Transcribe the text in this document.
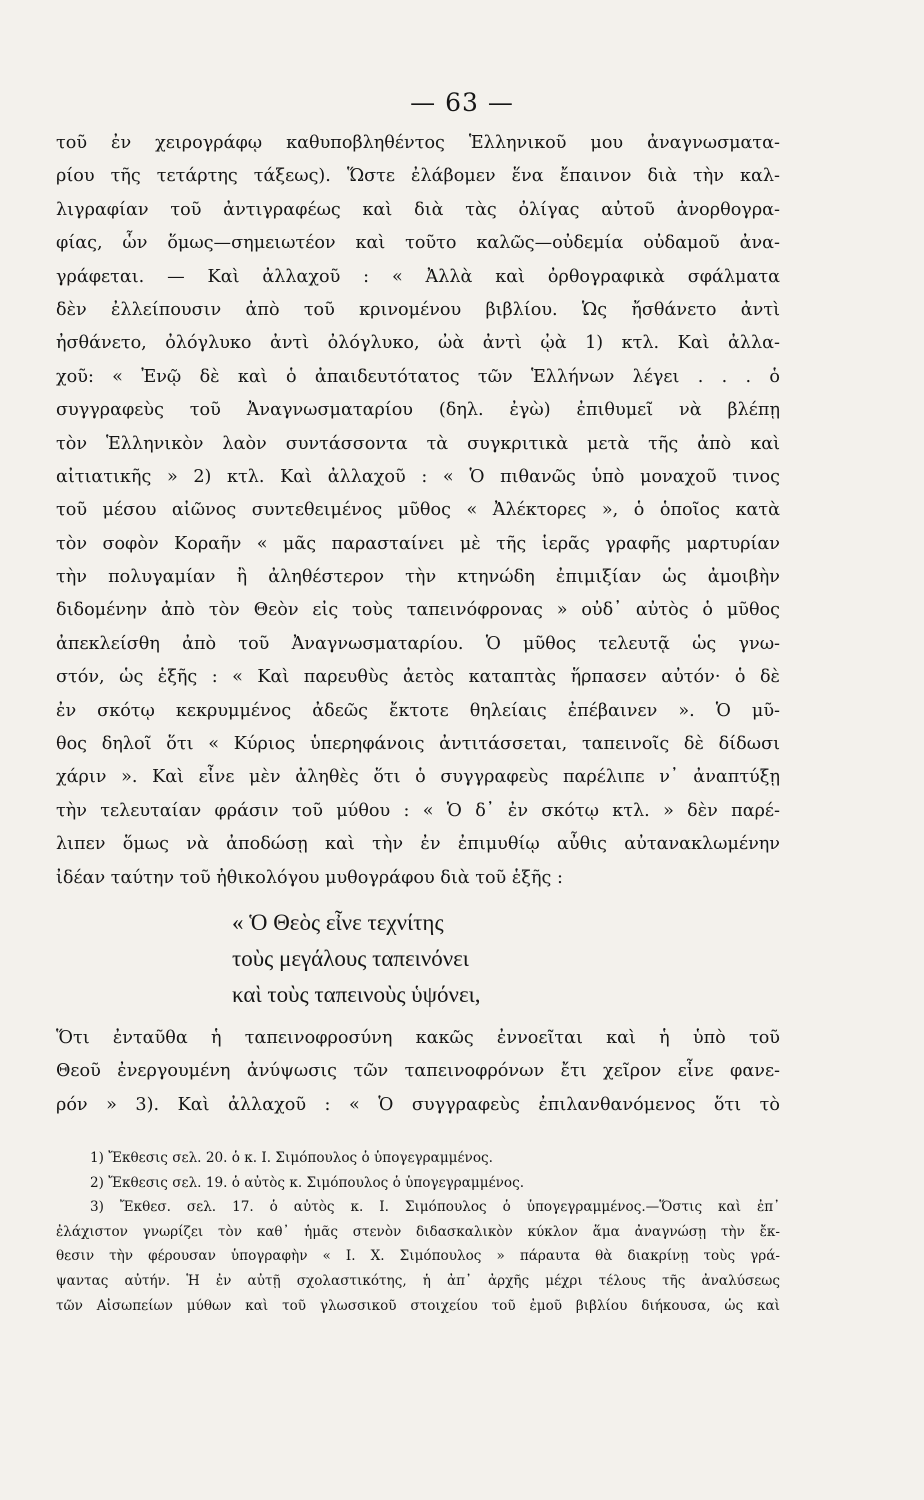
— 63 —
τοῦ ἐν χειρογράφῳ καθυποβληθέντος Ἑλληνικοῦ μου ἀναγνωσματα-
ρίου τῆς τετάρτης τάξεως). Ὥστε ἐλάβομεν ἕνα ἔπαινον διὰ τὴν καλ-
λιγραφίαν τοῦ ἀντιγραφέως καὶ διὰ τὰς ὀλίγας αὐτοῦ ἀνορθογρα-
φίας, ὧν ὅμως—σημειωτέον καὶ τοῦτο καλῶς—οὐδεμία οὐδαμοῦ ἀνα-
γράφεται. — Καὶ ἀλλαχοῦ : « Ἀλλὰ καὶ ὀρθογραφικὰ σφάλματα
δὲν ἐλλείπουσιν ἀπὸ τοῦ κρινομένου βιβλίου. Ὡς ἤσθάνετο ἀντὶ
ἠσθάνετο, ὀλόγλυκο ἀντὶ ὀλόγλυκο, ὠὰ ἀντὶ ᾠὰ 1) κτλ. Καὶ ἀλλα-
χοῦ: « Ἐνῷ δὲ καὶ ὁ ἀπαιδευτότατος τῶν Ἑλλήνων λέγει . . . ὁ
συγγραφεὺς τοῦ Ἀναγνωσματαρίου (δηλ. ἐγὼ) ἐπιθυμεῖ νὰ βλέπῃ
τὸν Ἑλληνικὸν λαὸν συντάσσοντα τὰ συγκριτικὰ μετὰ τῆς ἀπὸ καὶ
αἰτιατικῆς » 2) κτλ. Καὶ ἀλλαχοῦ : « Ὁ πιθανῶς ὑπὸ μοναχοῦ τινος
τοῦ μέσου αἰῶνος συντεθειμένος μῦθος « Ἀλέκτορες », ὁ ὁποῖος κατὰ
τὸν σοφὸν Κοραῆν « μᾶς παρασταίνει μὲ τῆς ἱερᾶς γραφῆς μαρτυρίαν
τὴν πολυγαμίαν ἢ ἀληθέστερον τὴν κτηνώδη ἐπιμιξίαν ὡς ἀμοιβὴν
διδομένην ἀπὸ τὸν Θεὸν εἰς τοὺς ταπεινόφρονας » οὐδ᾽ αὐτὸς ὁ μῦθος
ἀπεκλείσθη ἀπὸ τοῦ Ἀναγνωσματαρίου. Ὁ μῦθος τελευτᾷ ὡς γνω-
στόν, ὡς ἑξῆς : « Καὶ παρευθὺς ἀετὸς καταπτὰς ἥρπασεν αὐτόν· ὁ δὲ
ἐν σκότῳ κεκρυμμένος ἀδεῶς ἔκτοτε θηλείαις ἐπέβαινεν ». Ὁ μῦ-
θος δηλοῖ ὅτι « Κύριος ὑπερηφάνοις ἀντιτάσσεται, ταπεινοῖς δὲ δίδωσι
χάριν ». Καὶ εἶνε μὲν ἀληθὲς ὅτι ὁ συγγραφεὺς παρέλιπε ν᾽ ἀναπτύξῃ
τὴν τελευταίαν φράσιν τοῦ μύθου : « Ὁ δ᾽ ἐν σκότῳ κτλ. » δὲν παρέ-
λιπεν ὅμως νὰ ἀποδώσῃ καὶ τὴν ἐν ἐπιμυθίῳ αὖθις αὐτανακλωμένην
ἰδέαν ταύτην τοῦ ἠθικολόγου μυθογράφου διὰ τοῦ ἑξῆς :
« Ὁ Θεὸς εἶνε τεχνίτης
τοὺς μεγάλους ταπεινόνει
καὶ τοὺς ταπεινοὺς ὑψόνει,
Ὅτι ἐνταῦθα ἡ ταπεινοφροσύνη κακῶς ἐννοεῖται καὶ ἡ ὑπὸ τοῦ
Θεοῦ ἐνεργουμένη ἀνύψωσις τῶν ταπεινοφρόνων ἔτι χεῖρον εἶνε φανε-
ρόν » 3). Καὶ ἀλλαχοῦ : « Ὁ συγγραφεὺς ἐπιλανθανόμενος ὅτι τὸ
1) Ἔκθεσις σελ. 20. ὁ κ. Ι. Σιμόπουλος ὁ ὑπογεγραμμένος.
2) Ἔκθεσις σελ. 19. ὁ αὐτὸς κ. Σιμόπουλος ὁ ὑπογεγραμμένος.
3) Ἔκθεσ. σελ. 17. ὁ αὐτὸς κ. Ι. Σιμόπουλος ὁ ὑπογεγραμμένος.—Ὅστις καὶ ἐπ᾽
ἐλάχιστον γνωρίζει τὸν καθ᾽ ἡμᾶς στενὸν διδασκαλικὸν κύκλον ἅμα ἀναγνώσῃ τὴν ἔκ-
θεσιν τὴν φέρουσαν ὑπογραφὴν « Ι. Χ. Σιμόπουλος » πάραυτα θὰ διακρίνῃ τοὺς γρά-
ψαντας αὐτήν. Ἡ ἐν αὐτῇ σχολαστικότης, ἡ ἀπ᾽ ἀρχῆς μέχρι τέλους τῆς ἀναλύσεως
τῶν Αἰσωπείων μύθων καὶ τοῦ γλωσσικοῦ στοιχείου τοῦ ἐμοῦ βιβλίου διήκουσα, ὡς καὶ
